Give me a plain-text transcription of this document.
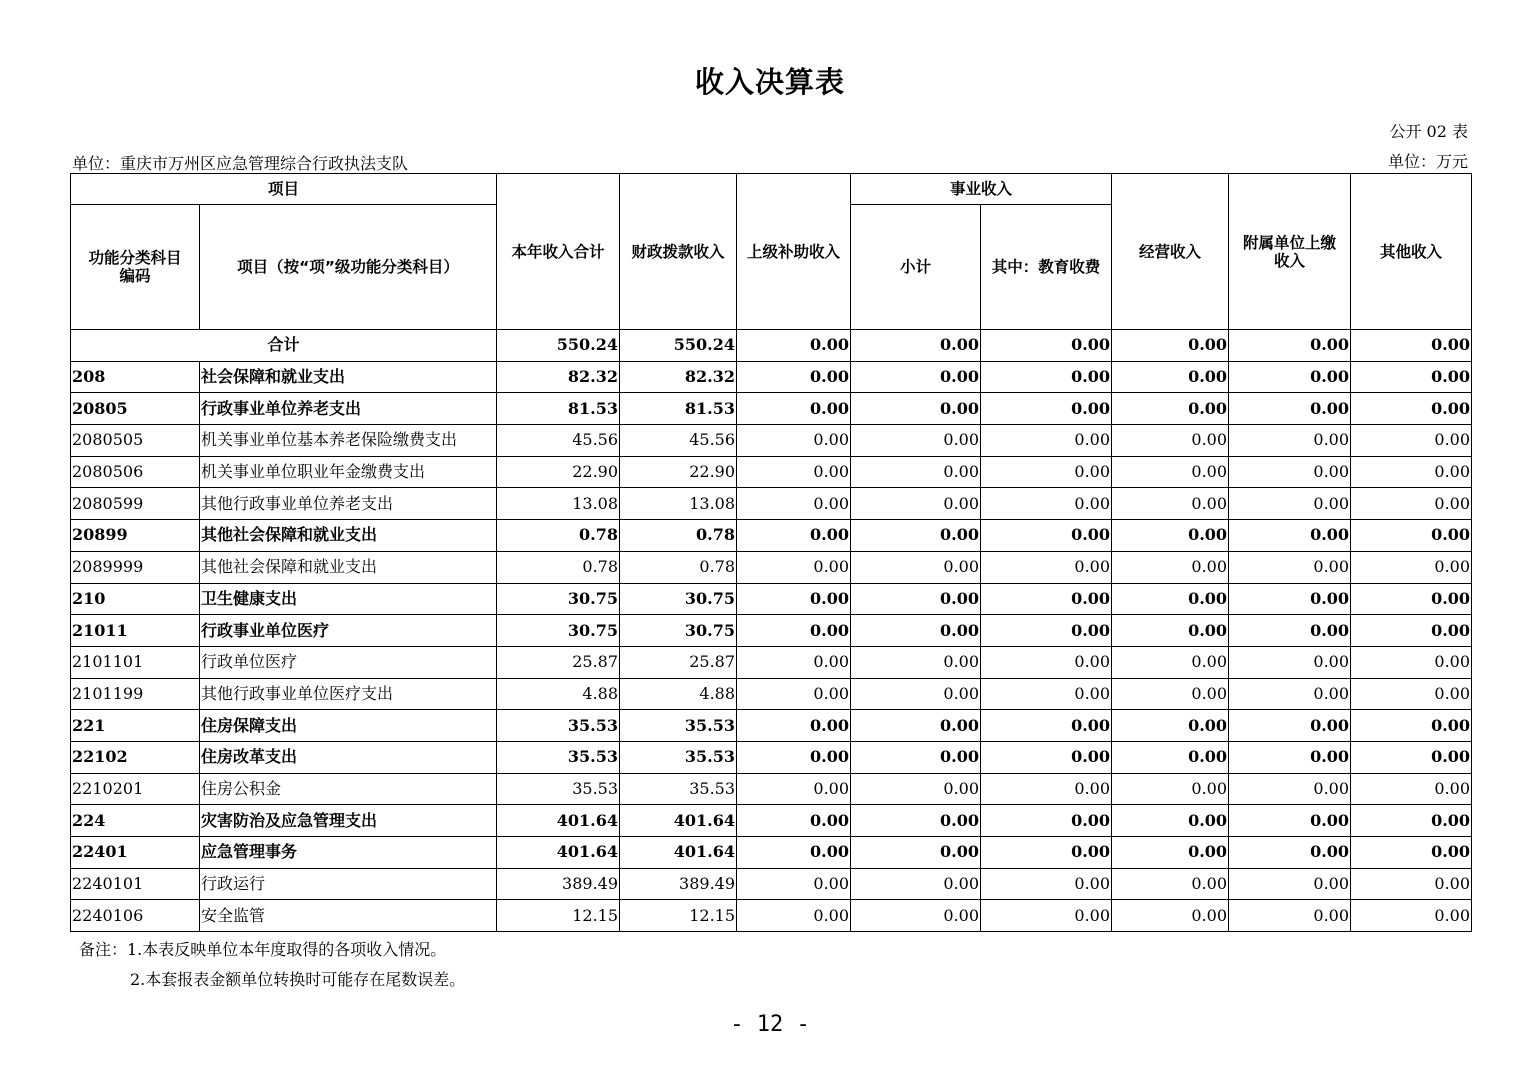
收入决算表
公开 02 表
单位：重庆市万州区应急管理综合行政执法支队	单位：万元
项目		本年收入合计	财政拨款收入	上级补助收入	事业收入		经营收入	附属单位上缴收入	其他收入
功能分类科目编码	项目（按“项”级功能分类科目）				小计	其中：教育收费			
合计		550.24	550.24	0.00	0.00	0.00	0.00	0.00	0.00
208	社会保障和就业支出	82.32	82.32	0.00	0.00	0.00	0.00	0.00	0.00
20805	行政事业单位养老支出	81.53	81.53	0.00	0.00	0.00	0.00	0.00	0.00
2080505	机关事业单位基本养老保险缴费支出	45.56	45.56	0.00	0.00	0.00	0.00	0.00	0.00
2080506	机关事业单位职业年金缴费支出	22.90	22.90	0.00	0.00	0.00	0.00	0.00	0.00
2080599	其他行政事业单位养老支出	13.08	13.08	0.00	0.00	0.00	0.00	0.00	0.00
20899	其他社会保障和就业支出	0.78	0.78	0.00	0.00	0.00	0.00	0.00	0.00
2089999	其他社会保障和就业支出	0.78	0.78	0.00	0.00	0.00	0.00	0.00	0.00
210	卫生健康支出	30.75	30.75	0.00	0.00	0.00	0.00	0.00	0.00
21011	行政事业单位医疗	30.75	30.75	0.00	0.00	0.00	0.00	0.00	0.00
2101101	行政单位医疗	25.87	25.87	0.00	0.00	0.00	0.00	0.00	0.00
2101199	其他行政事业单位医疗支出	4.88	4.88	0.00	0.00	0.00	0.00	0.00	0.00
221	住房保障支出	35.53	35.53	0.00	0.00	0.00	0.00	0.00	0.00
22102	住房改革支出	35.53	35.53	0.00	0.00	0.00	0.00	0.00	0.00
2210201	住房公积金	35.53	35.53	0.00	0.00	0.00	0.00	0.00	0.00
224	灾害防治及应急管理支出	401.64	401.64	0.00	0.00	0.00	0.00	0.00	0.00
22401	应急管理事务	401.64	401.64	0.00	0.00	0.00	0.00	0.00	0.00
2240101	行政运行	389.49	389.49	0.00	0.00	0.00	0.00	0.00	0.00
2240106	安全监管	12.15	12.15	0.00	0.00	0.00	0.00	0.00	0.00
备注：1.本表反映单位本年度取得的各项收入情况。
2.本套报表金额单位转换时可能存在尾数误差。
- 12 -
